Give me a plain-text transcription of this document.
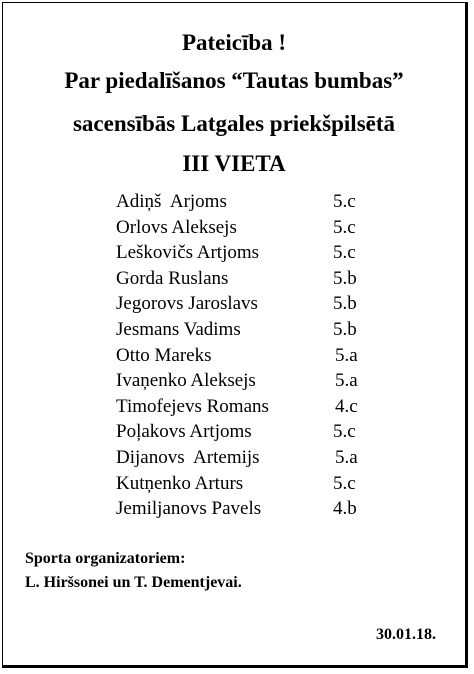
Pateicība !
Par piedalīšanos “Tautas bumbas”
sacensībās Latgales priekšpilsētā
III VIETA
Adiņš  Arjoms	5.c
Orlovs Aleksejs	5.c
Leškovičs Artjoms	5.c
Gorda Ruslans	5.b
Jegorovs Jaroslavs	5.b
Jesmans Vadims	5.b
Otto Mareks	5.a
Ivaņenko Aleksejs	5.a
Timofejevs Romans	4.c
Poļakovs Artjoms	5.c
Dijanovs  Artemijs	5.a
Kutņenko Arturs	5.c
Jemiljanovs Pavels	4.b
Sporta organizatoriem:
L. Hiršsonei un T. Dementjevai.
30.01.18.
